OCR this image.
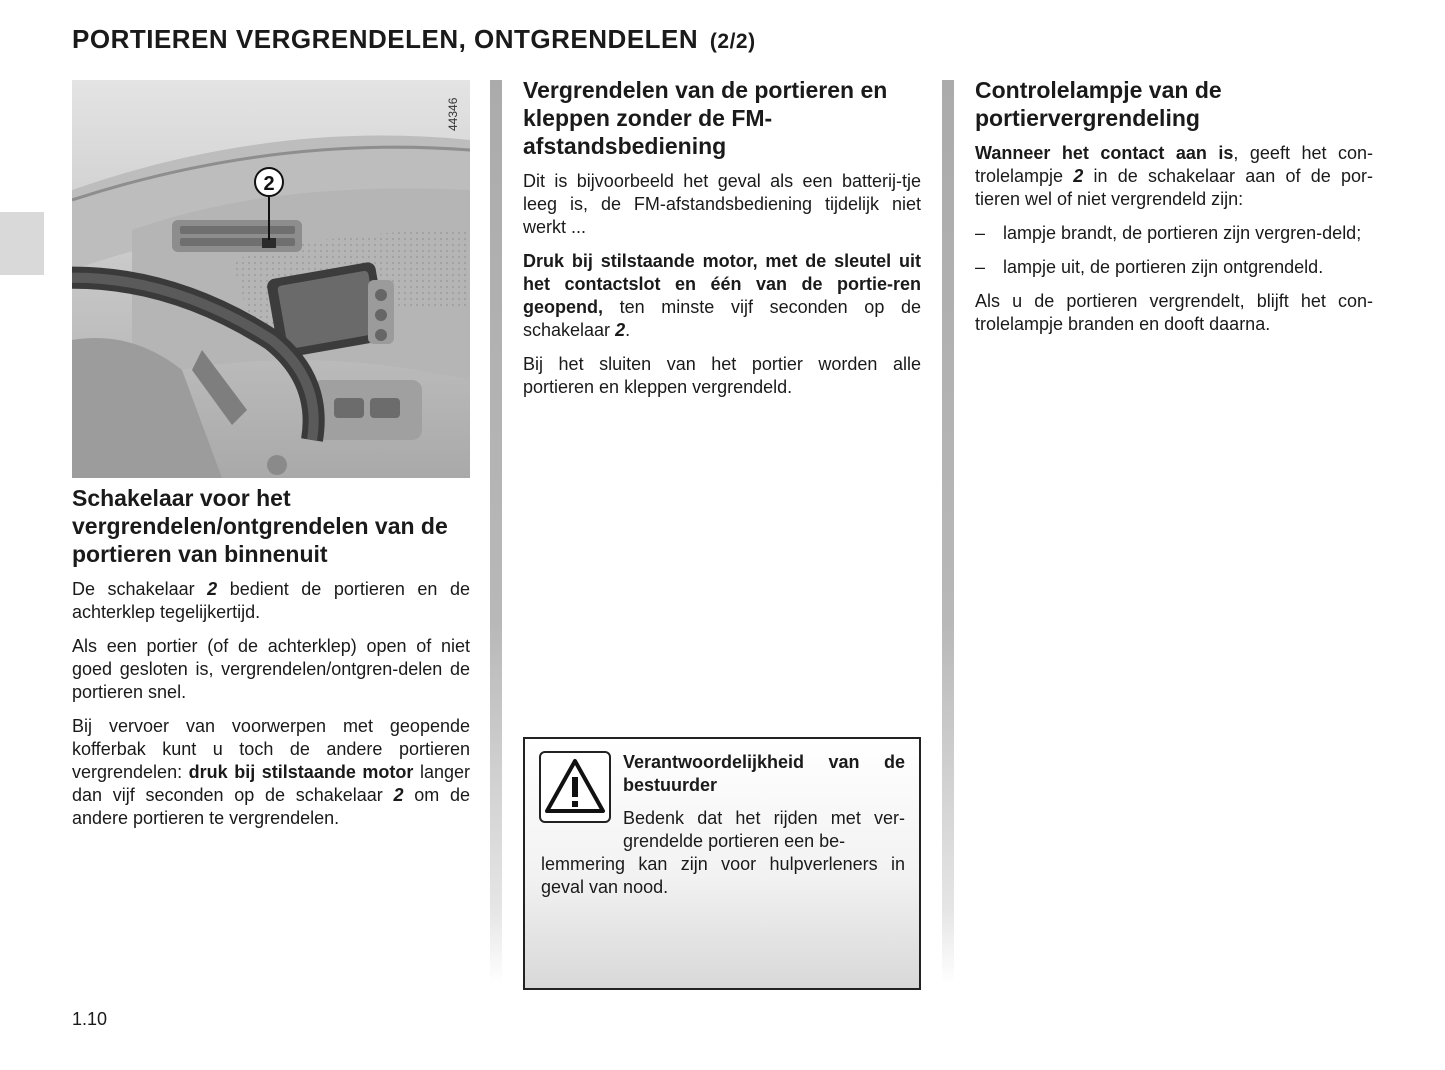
PORTIEREN VERGRENDELEN, ONTGRENDELEN (2/2)
2
Schakelaar voor het vergrendelen/ontgrendelen van de portieren van binnenuit

De schakelaar 2 bedient de portieren en de achterklep tegelijkertijd.

Als een portier (of de achterklep) open of niet goed gesloten is, vergrendelen/ontgren-delen de portieren snel.

Bij vervoer van voorwerpen met geopende kofferbak kunt u toch de andere portieren vergrendelen: druk bij stilstaande motor langer dan vijf seconden op de schakelaar 2 om de andere portieren te vergrendelen.

44346
Vergrendelen van de portieren en kleppen zonder de FM-afstandsbediening

Dit is bijvoorbeeld het geval als een batterij-tje leeg is, de FM-afstandsbediening tijdelijk niet werkt ...

Druk bij stilstaande motor, met de sleutel uit het contactslot en één van de portie-ren geopend, ten minste vijf seconden op de schakelaar 2.

Bij het sluiten van het portier worden alle portieren en kleppen vergrendeld.

Verantwoordelijkheid van de bestuurder
Bedenk dat het rijden met ver-grendelde portieren een be-
lemmering kan zijn voor hulpverleners in geval van nood.
Controlelampje van de portiervergrendeling

Wanneer het contact aan is, geeft het con-trolelampje 2 in de schakelaar aan of de por-tieren wel of niet vergrendeld zijn:

– lampje brandt, de portieren zijn vergren-deld;
– lampje uit, de portieren zijn ontgrendeld.

Als u de portieren vergrendelt, blijft het con-trolelampje branden en dooft daarna.

1.10
